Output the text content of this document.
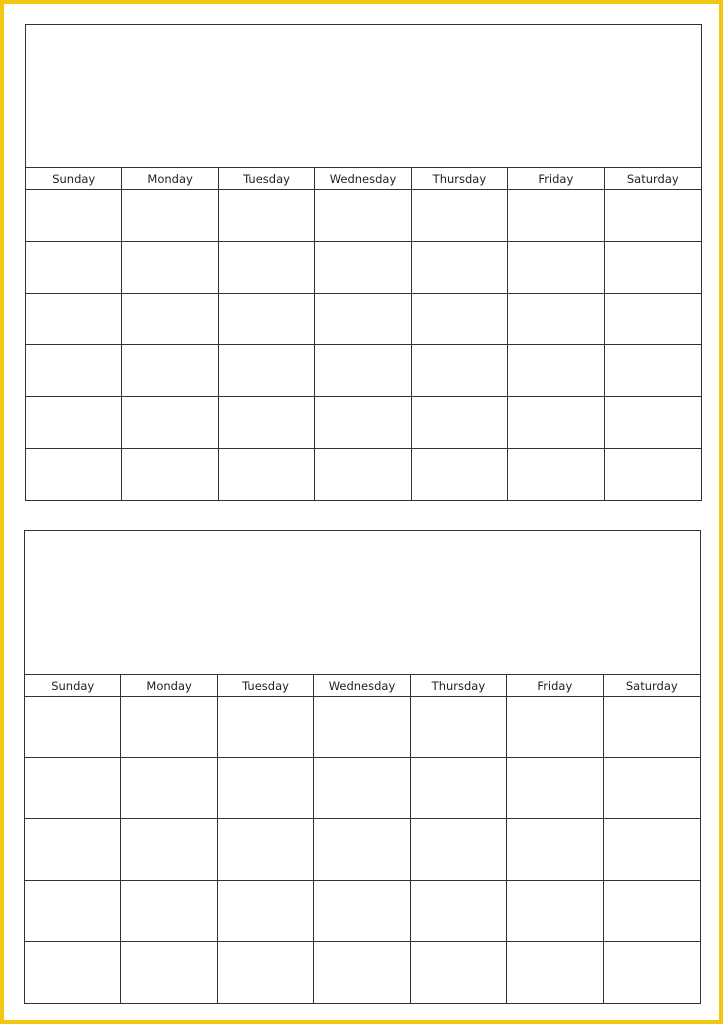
Sunday	Monday	Tuesday	Wednesday	Thursday	Friday	Saturday
Sunday	Monday	Tuesday	Wednesday	Thursday	Friday	Saturday
